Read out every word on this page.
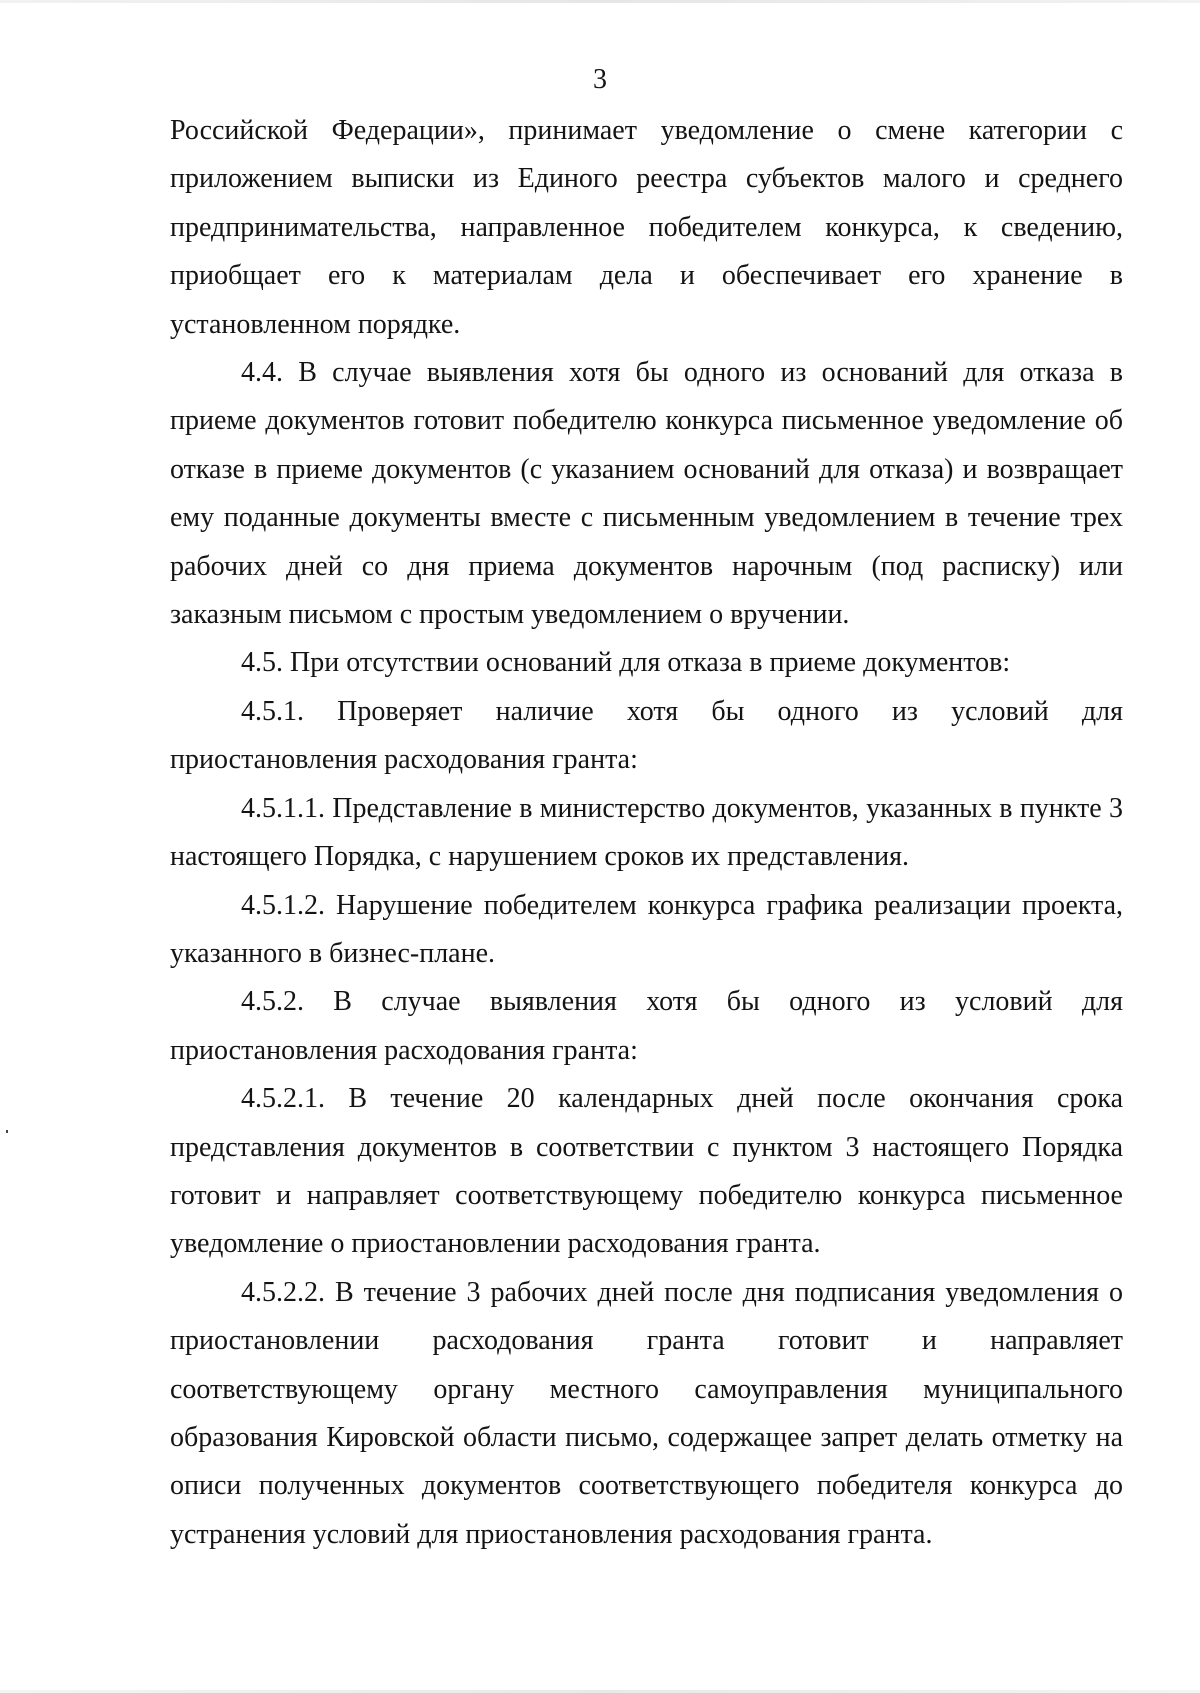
3

Российской Федерации», принимает уведомление о смене категории с приложением выписки из Единого реестра субъектов малого и среднего предпринимательства, направленное победителем конкурса, к сведению, приобщает его к материалам дела и обеспечивает его хранение в установленном порядке.

4.4. В случае выявления хотя бы одного из оснований для отказа в приеме документов готовит победителю конкурса письменное уведомление об отказе в приеме документов (с указанием оснований для отказа) и возвращает ему поданные документы вместе с письменным уведомлением в течение трех рабочих дней со дня приема документов нарочным (под расписку) или заказным письмом с простым уведомлением о вручении.

4.5. При отсутствии оснований для отказа в приеме документов:

4.5.1. Проверяет наличие хотя бы одного из условий для приостановления расходования гранта:

4.5.1.1. Представление в министерство документов, указанных в пункте 3 настоящего Порядка, с нарушением сроков их представления.

4.5.1.2. Нарушение победителем конкурса графика реализации проекта, указанного в бизнес-плане.

4.5.2. В случае выявления хотя бы одного из условий для приостановления расходования гранта:

4.5.2.1. В течение 20 календарных дней после окончания срока представления документов в соответствии с пунктом 3 настоящего Порядка готовит и направляет соответствующему победителю конкурса письменное уведомление о приостановлении расходования гранта.

4.5.2.2. В течение 3 рабочих дней после дня подписания уведомления о приостановлении расходования гранта готовит и направляет соответствующему органу местного самоуправления муниципального образования Кировской области письмо, содержащее запрет делать отметку на описи полученных документов соответствующего победителя конкурса до устранения условий для приостановления расходования гранта.
